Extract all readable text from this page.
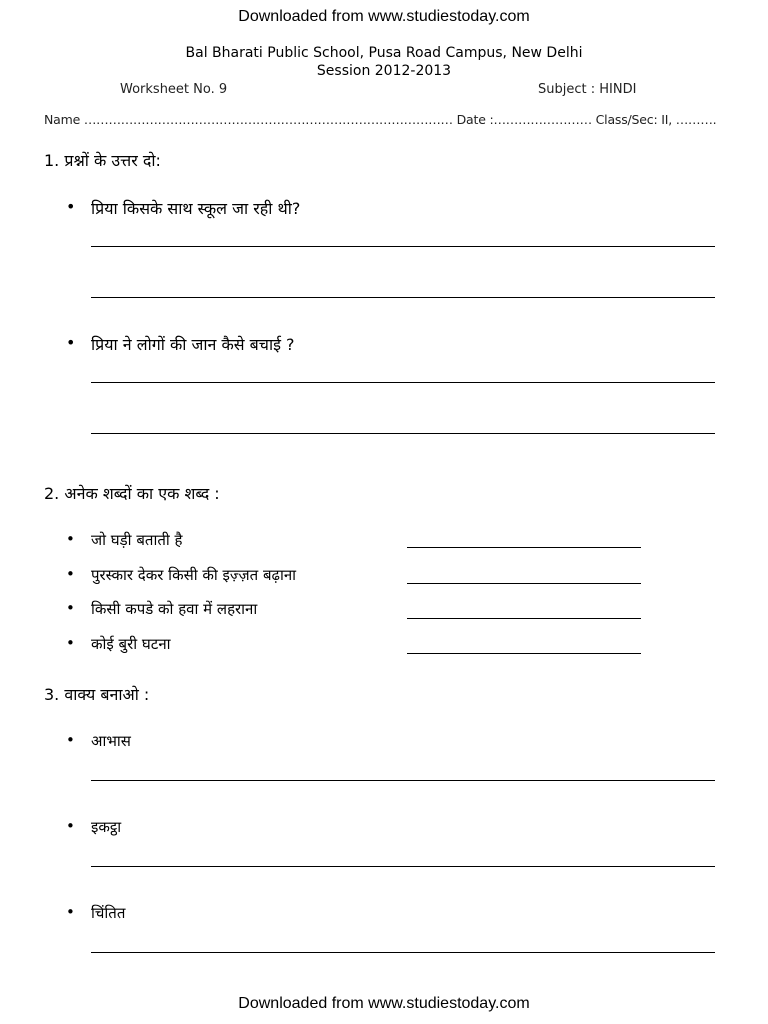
Downloaded from www.studiestoday.com
Downloaded from www.studiestoday.com
Bal Bharati Public School, Pusa Road Campus, New Delhi
Session 2012-2013
Worksheet No. 9	Subject : HINDI
Name ……………………………………………………………………………… Date :…………………… Class/Sec: II, ……….
1. प्रश्नों के उत्तर दो:
• प्रिया किसके साथ स्कूल जा रही थी?
• प्रिया ने लोगों की जान कैसे बचाई ?
2. अनेक शब्दों का एक शब्द :
• जो घड़ी बताती है
• पुरस्कार देकर किसी की इज़्ज़त बढ़ाना
• किसी कपडे को हवा में लहराना
• कोई बुरी घटना
3. वाक्य बनाओ :
• आभास
• इकट्ठा
• चिंतित
